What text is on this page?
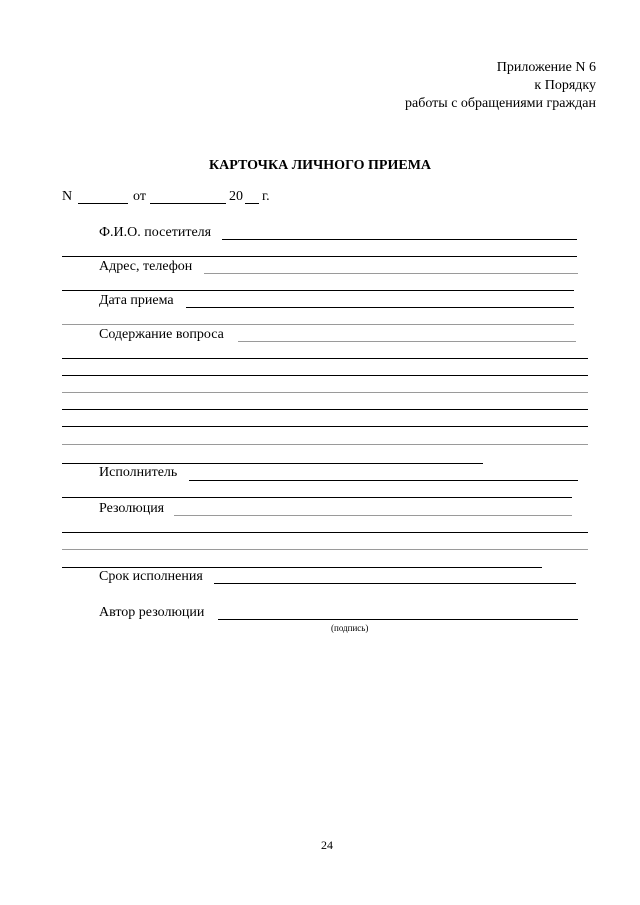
Приложение N 6
к Порядку
работы с обращениями граждан
КАРТОЧКА ЛИЧНОГО ПРИЕМА
N	от	20 г.
Ф.И.О. посетителя
Адрес, телефон
Дата приема
Содержание вопроса
Исполнитель
Резолюция
Срок исполнения
Автор резолюции
(подпись)
24
